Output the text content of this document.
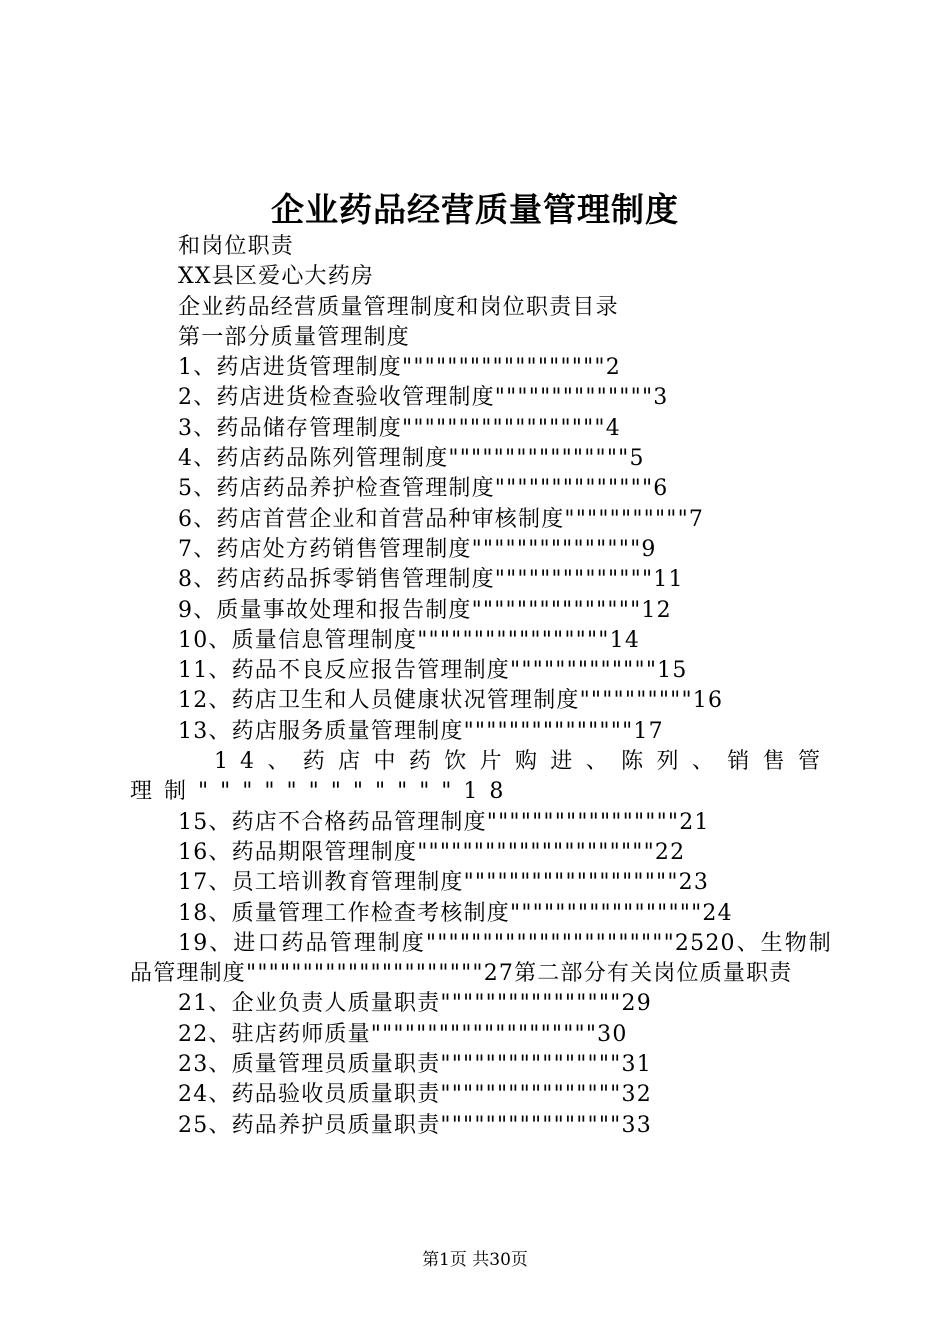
企业药品经营质量管理制度
和岗位职责
XX县区爱心大药房
企业药品经营质量管理制度和岗位职责目录
第一部分质量管理制度
1、药店进货管理制度""""""""""""""""""2
2、药店进货检查验收管理制度""""""""""""""3
3、药品储存管理制度""""""""""""""""""4
4、药店药品陈列管理制度""""""""""""""""5
5、药店药品养护检查管理制度""""""""""""""6
6、药店首营企业和首营品种审核制度"""""""""""7
7、药店处方药销售管理制度"""""""""""""""9
8、药店药品拆零销售管理制度""""""""""""""11
9、质量事故处理和报告制度"""""""""""""""12
10、质量信息管理制度"""""""""""""""""14
11、药品不良反应报告管理制度"""""""""""""15
12、药店卫生和人员健康状况管理制度""""""""""16
13、药店服务质量管理制度"""""""""""""""17
14、药店中药饮片购进、陈列、销售管理制""""""""""""18
15、药店不合格药品管理制度"""""""""""""""""21
16、药品期限管理制度"""""""""""""""""""""22
17、员工培训教育管理制度"""""""""""""""""""23
18、质量管理工作检查考核制度"""""""""""""""""24
19、进口药品管理制度""""""""""""""""""""""2520、生物制品管理制度"""""""""""""""""""""27第二部分有关岗位质量职责
21、企业负责人质量职责""""""""""""""""29
22、驻店药师质量""""""""""""""""""""30
23、质量管理员质量职责""""""""""""""""31
24、药品验收员质量职责""""""""""""""""32
25、药品养护员质量职责""""""""""""""""33
第1页 共30页
